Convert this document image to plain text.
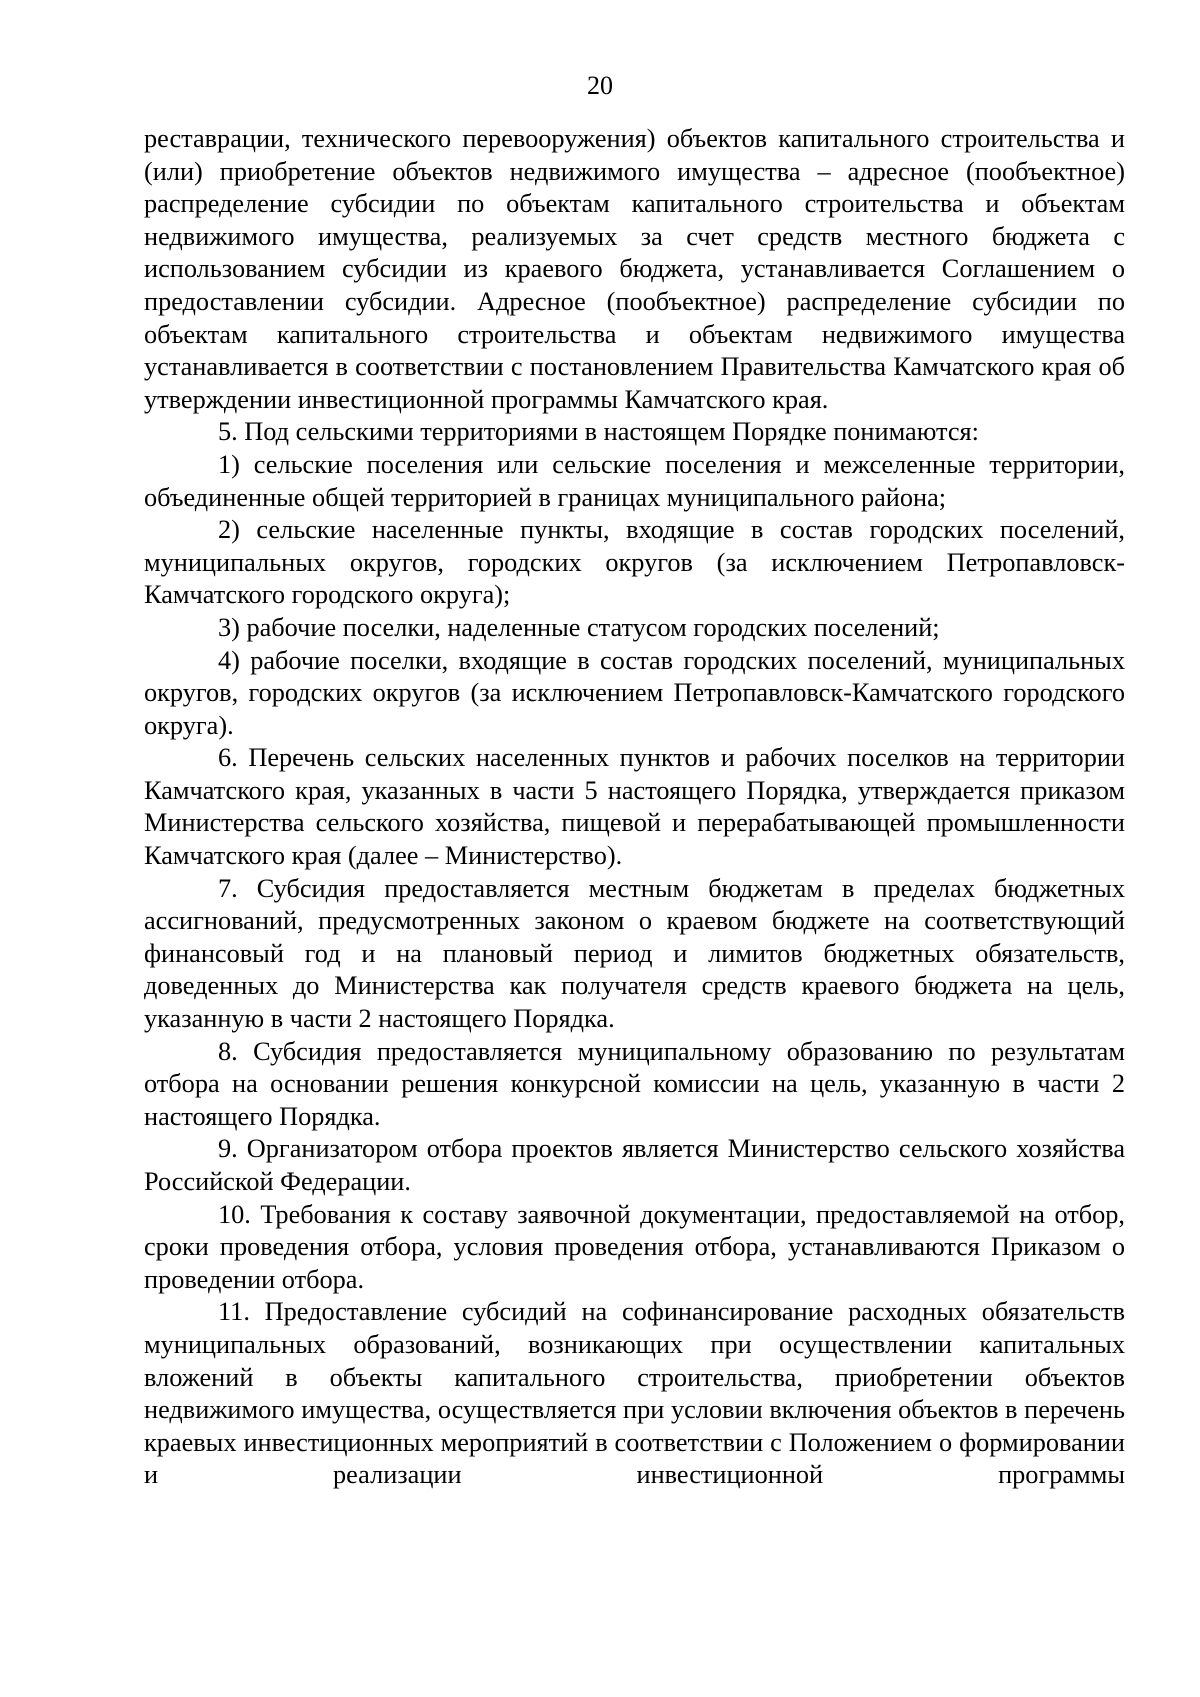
20

реставрации, технического перевооружения) объектов капитального строительства и (или) приобретение объектов недвижимого имущества – адресное (пообъектное) распределение субсидии по объектам капитального строительства и объектам недвижимого имущества, реализуемых за счет средств местного бюджета с использованием субсидии из краевого бюджета, устанавливается Соглашением о предоставлении субсидии. Адресное (пообъектное) распределение субсидии по объектам капитального строительства и объектам недвижимого имущества устанавливается в соответствии с постановлением Правительства Камчатского края об утверждении инвестиционной программы Камчатского края.

5. Под сельскими территориями в настоящем Порядке понимаются:

1) сельские поселения или сельские поселения и межселенные территории, объединенные общей территорией в границах муниципального района;

2) сельские населенные пункты, входящие в состав городских поселений, муниципальных округов, городских округов (за исключением Петропавловск-Камчатского городского округа);

3) рабочие поселки, наделенные статусом городских поселений;

4) рабочие поселки, входящие в состав городских поселений, муниципальных округов, городских округов (за исключением Петропавловск-Камчатского городского округа).

6. Перечень сельских населенных пунктов и рабочих поселков на территории Камчатского края, указанных в части 5 настоящего Порядка, утверждается приказом Министерства сельского хозяйства, пищевой и перерабатывающей промышленности Камчатского края (далее – Министерство).

7. Субсидия предоставляется местным бюджетам в пределах бюджетных ассигнований, предусмотренных законом о краевом бюджете на соответствующий финансовый год и на плановый период и лимитов бюджетных обязательств, доведенных до Министерства как получателя средств краевого бюджета на цель, указанную в части 2 настоящего Порядка.

8. Субсидия предоставляется муниципальному образованию по результатам отбора на основании решения конкурсной комиссии на цель, указанную в части 2 настоящего Порядка.

9. Организатором отбора проектов является Министерство сельского хозяйства Российской Федерации.

10. Требования к составу заявочной документации, предоставляемой на отбор, сроки проведения отбора, условия проведения отбора, устанавливаются Приказом о проведении отбора.

11. Предоставление субсидий на софинансирование расходных обязательств муниципальных образований, возникающих при осуществлении капитальных вложений в объекты капитального строительства, приобретении объектов недвижимого имущества, осуществляется при условии включения объектов в перечень краевых инвестиционных мероприятий в соответствии с Положением о формировании и реализации инвестиционной программы
